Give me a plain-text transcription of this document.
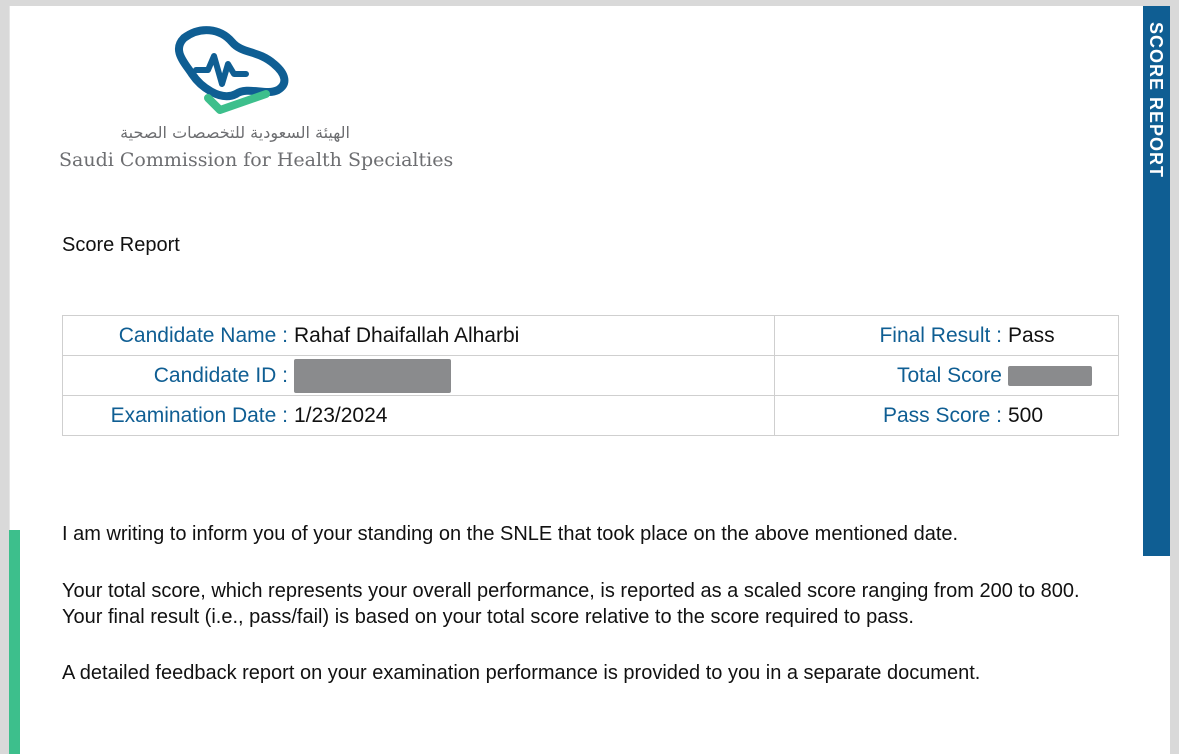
SCORE REPORT
الهيئة السعودية للتخصصات الصحية
Saudi Commission for Health Specialties
Score Report
Candidate Name : Rahaf Dhaifallah Alharbi	Final Result : Pass

Candidate ID :	Total Score

Examination Date : 1/23/2024	Pass Score : 500
I am writing to inform you of your standing on the SNLE that took place on the above mentioned date.
Your total score, which represents your overall performance, is reported as a scaled score ranging from 200 to 800. Your final result (i.e., pass/fail) is based on your total score relative to the score required to pass.
A detailed feedback report on your examination performance is provided to you in a separate document.
